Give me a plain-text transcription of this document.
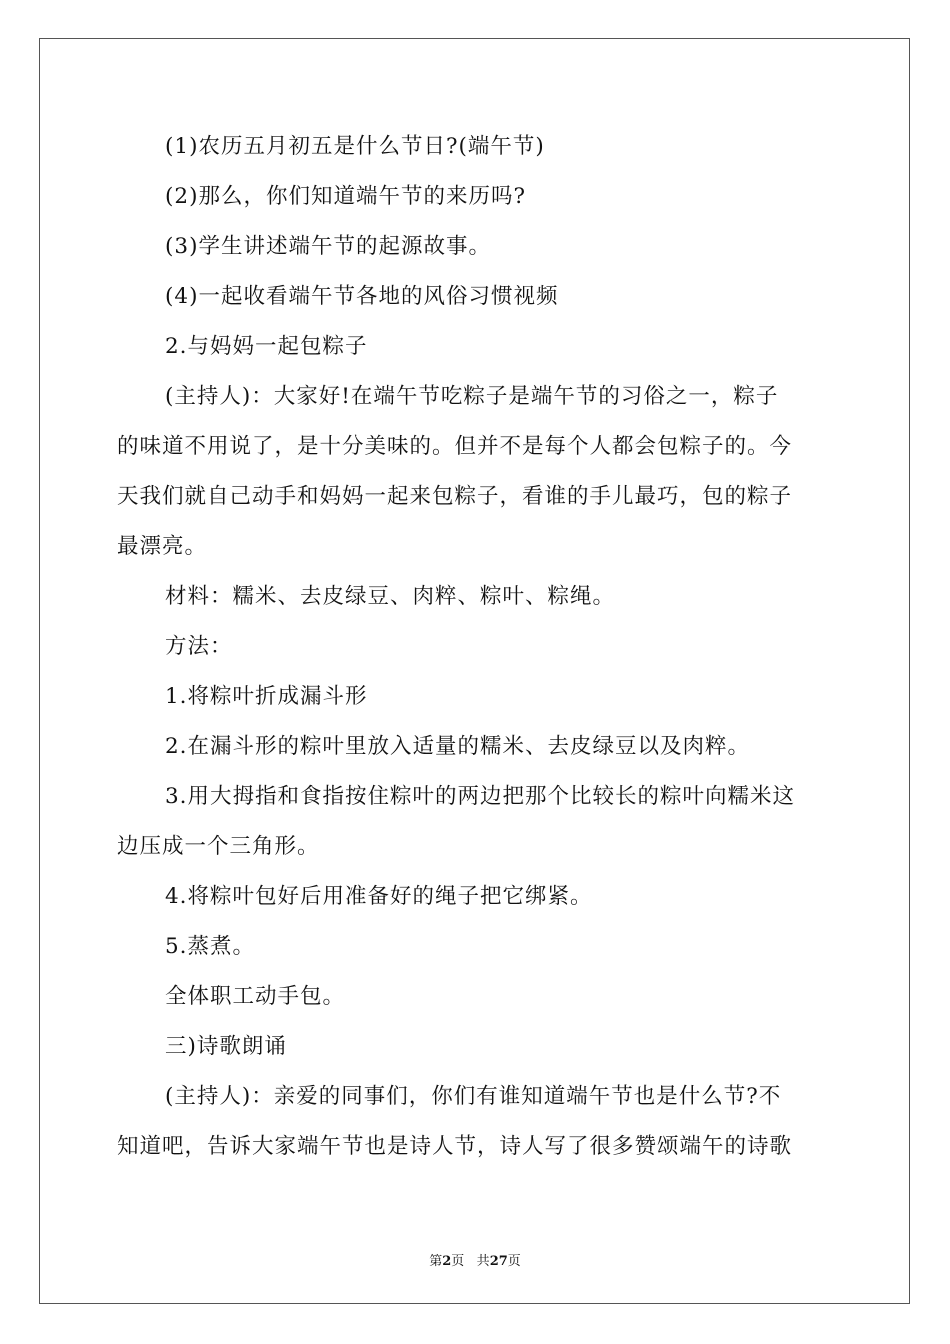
(1)农历五月初五是什么节日?(端午节)
(2)那么，你们知道端午节的来历吗?
(3)学生讲述端午节的起源故事。
(4)一起收看端午节各地的风俗习惯视频
2.与妈妈一起包粽子
(主持人)：大家好!在端午节吃粽子是端午节的习俗之一，粽子
的味道不用说了，是十分美味的。但并不是每个人都会包粽子的。今
天我们就自己动手和妈妈一起来包粽子，看谁的手儿最巧，包的粽子
最漂亮。
材料：糯米、去皮绿豆、肉粹、粽叶、粽绳。
方法：
1.将粽叶折成漏斗形
2.在漏斗形的粽叶里放入适量的糯米、去皮绿豆以及肉粹。
3.用大拇指和食指按住粽叶的两边把那个比较长的粽叶向糯米这
边压成一个三角形。
4.将粽叶包好后用准备好的绳子把它绑紧。
5.蒸煮。
全体职工动手包。
三)诗歌朗诵
(主持人)：亲爱的同事们，你们有谁知道端午节也是什么节?不
知道吧，告诉大家端午节也是诗人节，诗人写了很多赞颂端午的诗歌
第2页 共27页
